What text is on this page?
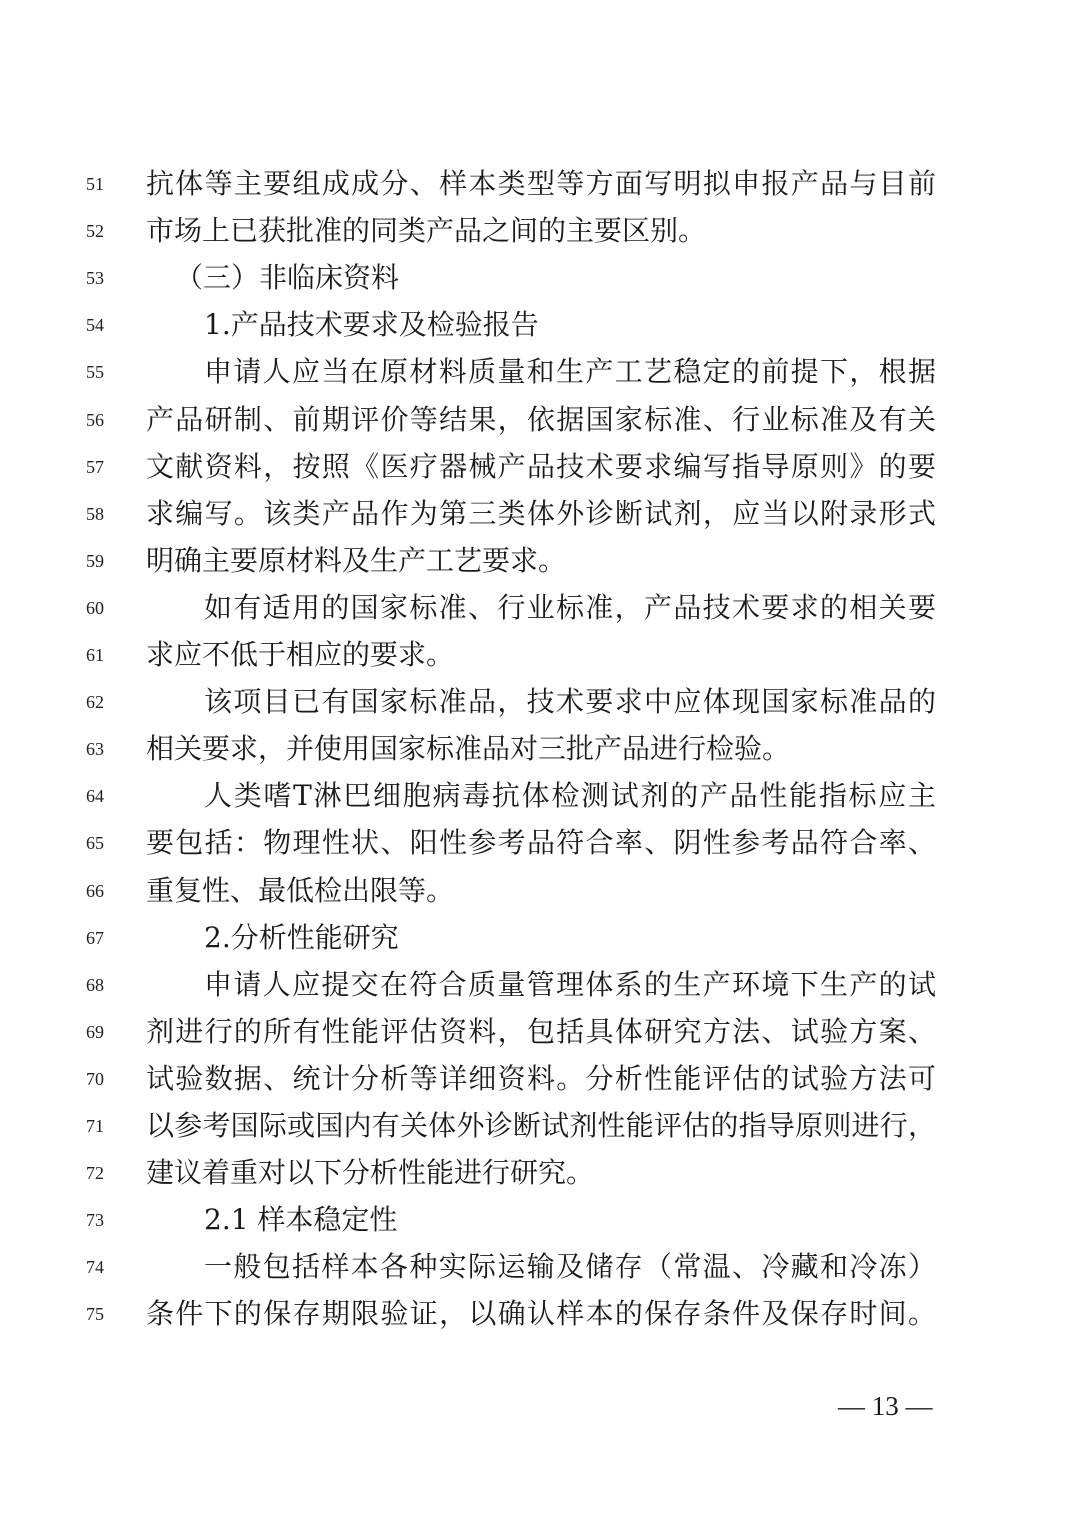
51	抗体等主要组成成分、样本类型等方面写明拟申报产品与目前
52	市场上已获批准的同类产品之间的主要区别。
53	（三）非临床资料
54	1.产品技术要求及检验报告
55	申请人应当在原材料质量和生产工艺稳定的前提下，根据
56	产品研制、前期评价等结果，依据国家标准、行业标准及有关
57	文献资料，按照《医疗器械产品技术要求编写指导原则》的要
58	求编写。该类产品作为第三类体外诊断试剂，应当以附录形式
59	明确主要原材料及生产工艺要求。
60	如有适用的国家标准、行业标准，产品技术要求的相关要
61	求应不低于相应的要求。
62	该项目已有国家标准品，技术要求中应体现国家标准品的
63	相关要求，并使用国家标准品对三批产品进行检验。
64	人类嗜T淋巴细胞病毒抗体检测试剂的产品性能指标应主
65	要包括：物理性状、阳性参考品符合率、阴性参考品符合率、
66	重复性、最低检出限等。
67	2.分析性能研究
68	申请人应提交在符合质量管理体系的生产环境下生产的试
69	剂进行的所有性能评估资料，包括具体研究方法、试验方案、
70	试验数据、统计分析等详细资料。分析性能评估的试验方法可
71	以参考国际或国内有关体外诊断试剂性能评估的指导原则进行，
72	建议着重对以下分析性能进行研究。
73	2.1 样本稳定性
74	一般包括样本各种实际运输及储存（常温、冷藏和冷冻）
75	条件下的保存期限验证，以确认样本的保存条件及保存时间。
— 13 —
